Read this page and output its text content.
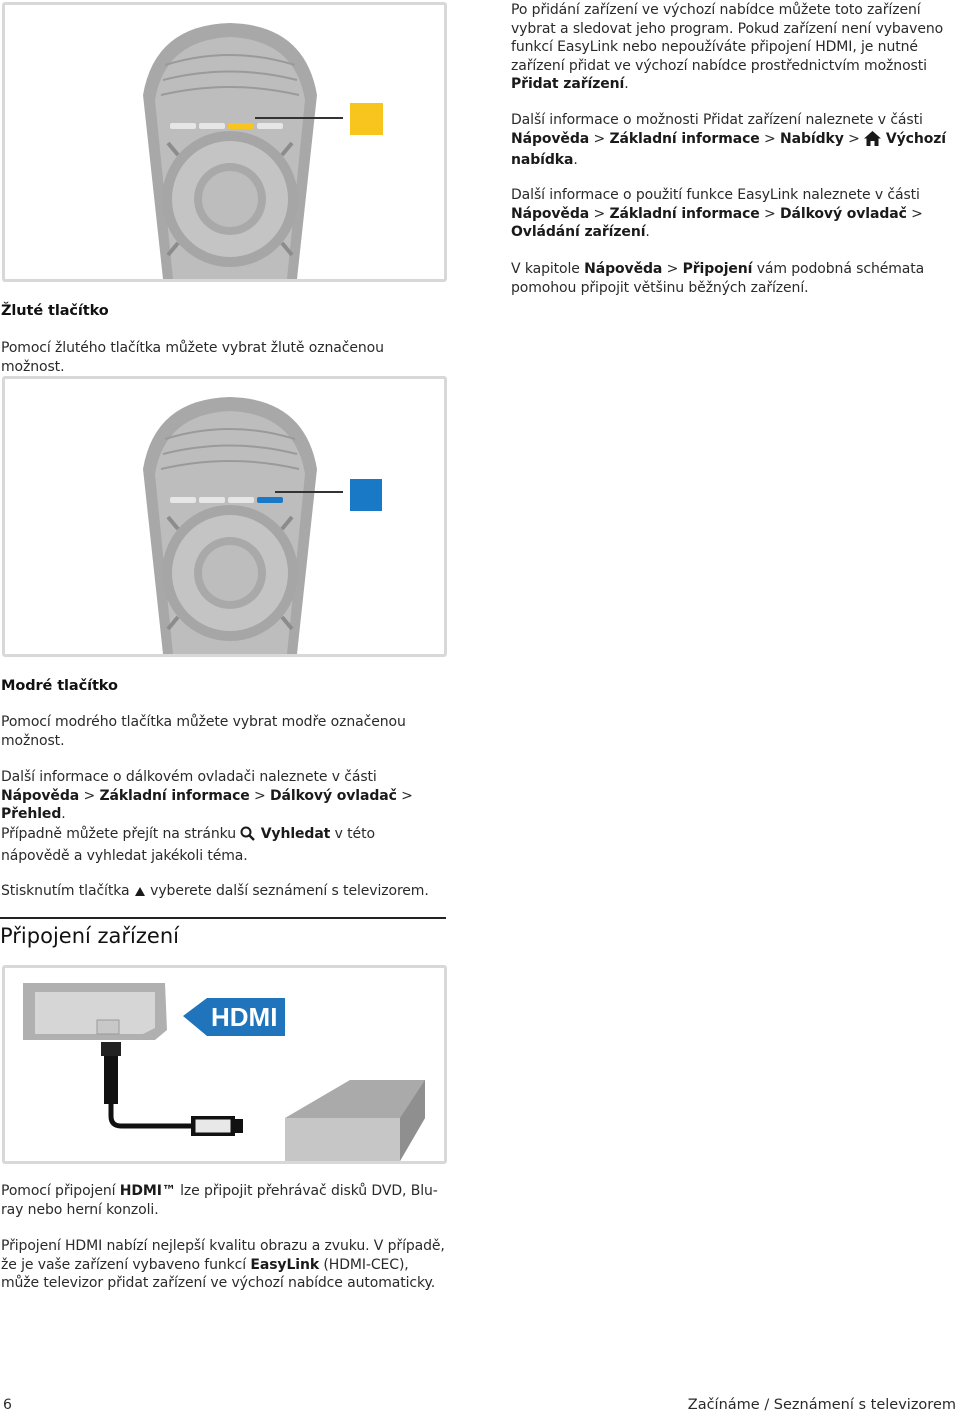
Po přidání zařízení ve výchozí nabídce můžete toto zařízení vybrat a sledovat jeho program. Pokud zařízení není vybaveno funkcí EasyLink nebo nepoužíváte připojení HDMI, je nutné zařízení přidat ve výchozí nabídce prostřednictvím možnosti Přidat zařízení.

Další informace o možnosti Přidat zařízení naleznete v části Nápověda > Základní informace > Nabídky >  Výchozí nabídka.

Další informace o použití funkce EasyLink naleznete v části Nápověda > Základní informace > Dálkový ovladač > Ovládání zařízení.

V kapitole Nápověda > Připojení vám podobná schémata pomohou připojit většinu běžných zařízení.

Žluté tlačítko

Pomocí žlutého tlačítka můžete vybrat žlutě označenou možnost.

Modré tlačítko

Pomocí modrého tlačítka můžete vybrat modře označenou možnost.

Další informace o dálkovém ovladači naleznete v části Nápověda > Základní informace > Dálkový ovladač > Přehled.

Případně můžete přejít na stránku  Vyhledat v této nápovědě a vyhledat jakékoli téma.

Stisknutím tlačítka  vyberete další seznámení s televizorem.

Připojení zařízení
HDMI

Pomocí připojení HDMI™ lze připojit přehrávač disků DVD, Blu-ray nebo herní konzoli.

Připojení HDMI nabízí nejlepší kvalitu obrazu a zvuku. V případě, že je vaše zařízení vybaveno funkcí EasyLink (HDMI-CEC), může televizor přidat zařízení ve výchozí nabídce automaticky.

6	Začínáme / Seznámení s televizorem
